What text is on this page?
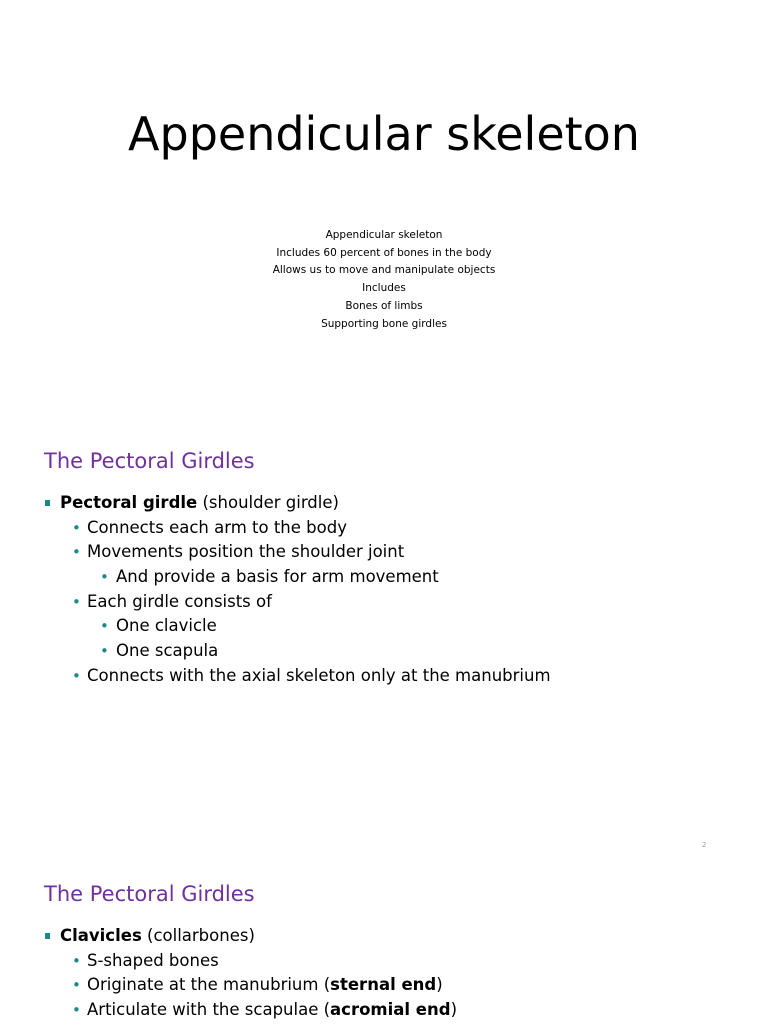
Appendicular skeleton
Appendicular skeleton
Includes 60 percent of bones in the body
Allows us to move and manipulate objects
Includes
Bones of limbs
Supporting bone girdles
The Pectoral Girdles
Pectoral girdle (shoulder girdle)
• Connects each arm to the body
• Movements position the shoulder joint
• And provide a basis for arm movement
• Each girdle consists of
• One clavicle
• One scapula
• Connects with the axial skeleton only at the manubrium
2
The Pectoral Girdles
Clavicles (collarbones)
• S-shaped bones
• Originate at the manubrium (sternal end)
• Articulate with the scapulae (acromial end)
